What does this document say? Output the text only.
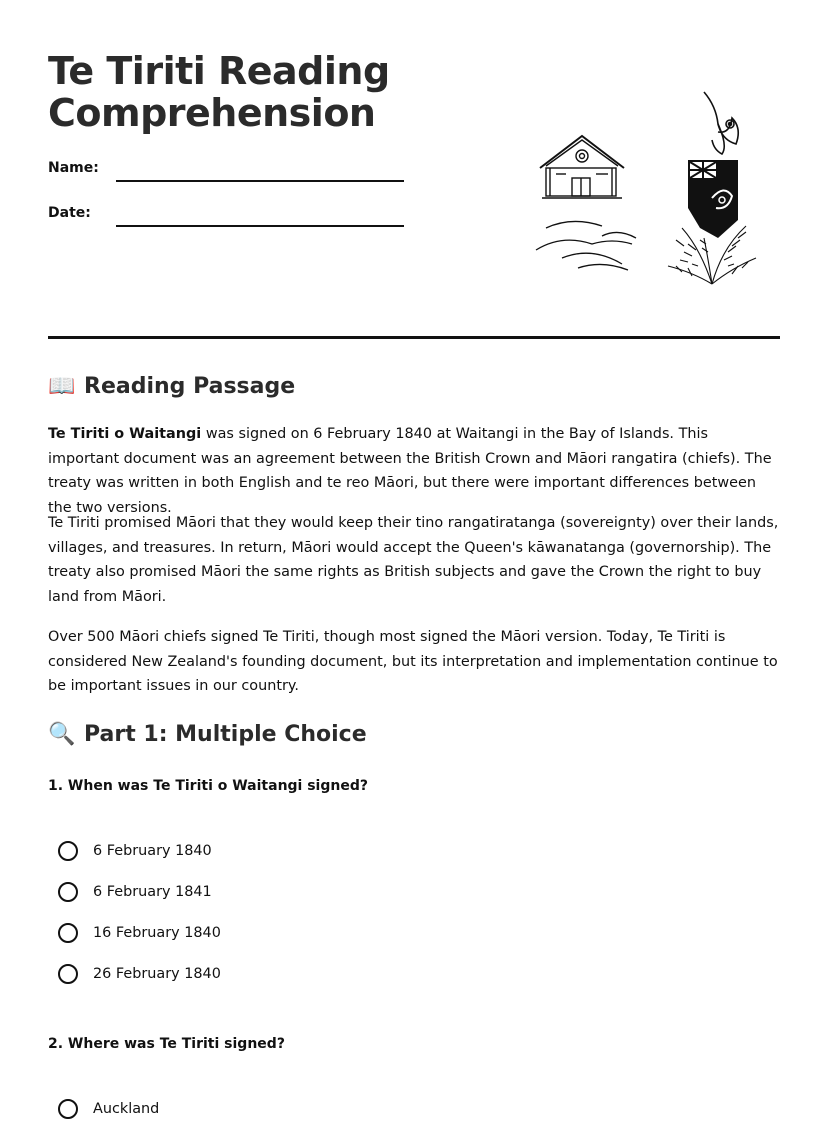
Te Tiriti Reading Comprehension
Name:
Date:
📖 Reading Passage
Te Tiriti o Waitangi was signed on 6 February 1840 at Waitangi in the Bay of Islands. This important document was an agreement between the British Crown and Māori rangatira (chiefs). The treaty was written in both English and te reo Māori, but there were important differences between the two versions.
Te Tiriti promised Māori that they would keep their tino rangatiratanga (sovereignty) over their lands, villages, and treasures. In return, Māori would accept the Queen's kāwanatanga (governorship). The treaty also promised Māori the same rights as British subjects and gave the Crown the right to buy land from Māori.
Over 500 Māori chiefs signed Te Tiriti, though most signed the Māori version. Today, Te Tiriti is considered New Zealand's founding document, but its interpretation and implementation continue to be important issues in our country.
🔍 Part 1: Multiple Choice
1. When was Te Tiriti o Waitangi signed?
6 February 1840
6 February 1841
16 February 1840
26 February 1840
2. Where was Te Tiriti signed?
Auckland
